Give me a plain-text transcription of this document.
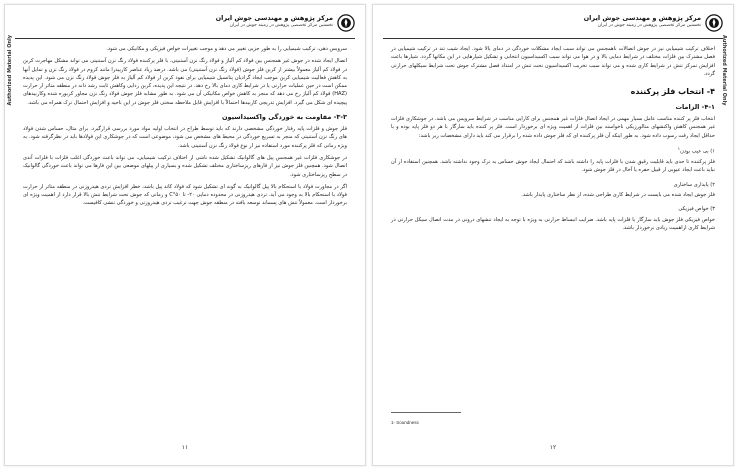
مرکز پژوهش و مهندسی جوش ایران
نخستین مرکز تخصصی پژوهش در زمینه جوش در ایران
Authorized Material Only	سرویس دهی، ترکیب شیمیایی را به طور جزیی تغییر می دهد و موجب تغییرات خواص فیزیکی و مکانیکی می شود.

اتصال ایجاد شده در جوش غیر همجنس بین فولاد کم آلیاژ و فولاد زنگ نزن آستنیتی، با فلز پرکننده فولاد زنگ نزن آستنیتی می تواند مشکل مهاجرت کربن در فولاد کم آلیاژ معمولاً بیشتر از کربن فلز جوش (فولاد زنگ نزن آستنیتی) می باشد. درصد زیاد عناصر کاربیدزا مانند کروم در فولاد زنگ نزن و تمایل آنها به کاهش فعالیت شیمیایی کربن موجب ایجاد گرادیان پتانسیل شیمیایی برای نفوذ کربن از فولاد کم آلیاژ به فلز جوش فولاد زنگ نزن می شود. این پدیده ممکن است در حین عملیات حرارتی یا در شرایط کاری دمای بالا رخ دهد. در نتیجه این پدیده، کربن زدایی وکاهش ثابت رشد دانه در منطقه متاثر از حرارت (HAZ) فولاد کم آلیاژ رخ می دهد که منجر به کاهش خواص مکانیکی آن می شود. به طور مشابه فلز جوش فولاد زنگ نزن مجاور کربوره شده وکاربیدهای پیچیده ای شکل می گیرد. افزایش تدریجی کاربیدها احتمالاً با افزایش قابل ملاحظه سختی فلز جوش در این ناحیه و افزایش احتمال ترک همراه می باشد.

۳-۳- مقاومت به خوردگی واکسیداسیون

فلز جوش و فلزات پایه رفتار خوردگی مشخصی دارند که باید توسط طراح در انتخاب اولیه مواد مورد بررسی قرارگیرد. برای مثال، حساس شدن فولاد های زنگ نزن آستنیتی که منجر به تسریع خوردگی در محیط های مشخص می شود، موضوعی است که در جوشکاری این فولادها باید در نظرگرفته شود. به ویژه زمانی که فلز پرکننده مورد استفاده نیز از نوع فولاد زنگ نزن آستنیتی باشد.

در جوشکاری فلزات غیر همجنس پیل های گالوانیک تشکیل شده ناشی از اختلاف ترکیب شیمیایی، می تواند باعث خوردگی اغلب فلزات با فلزات آندی اتصال شود. همچنین فلز جوش نیز از فازهای ریزساختاری مختلف تشکیل شده و بسیاری از پیلهای موضعی بین این فازها می تواند باعث خوردگی گالوانیک در سطح ریزساختاری شود.

اگر در مجاورت فولاد با استحکام بالا پیل گالوانیک به گونه ای تشکیل شود که فولاد کاتد پیل باشد، خطر افزایش تردی هیدروژنی در منطقه متاثر از حرارت فولاد با استحکام بالا به وجود می آید. تردی هیدروژنی در محدوده دمایی ۲۰- تا ۵۰°C و زمانی که جوش تحت شرایط تنش بالا قرار دارد از اهمیت ویژه ای برخوردار است. معمولاً تنش های پسماند توسعه یافته در منطقه جوش جهت ترغیب تردی هیدروژنی و خوردگی تنشی کافیست.

۱۱
مرکز پژوهش و مهندسی جوش ایران
نخستین مرکز تخصصی پژوهش در زمینه جوش در ایران
Authorized Material Only

اختلاف ترکیب شیمیایی نیز در جوش اتصالات ناهمجنس می تواند سبب ایجاد مشکلات خوردگی در دمای بالا شود. ایجاد شیب تند در ترکیب شیمیایی در فصل مشترک بین فلزات مختلف در شرایط دمایی بالا و در هوا می تواند سبب اکسیداسیون انتخابی و تشکیل شیارهایی در این مکانها گردد. شیارها باعث افزایش تمرکز تنش در شرایط کاری شده و می تواند سبب تخریب اکسیداسیون تحت تنش در امتداد فصل مشترک جوش تحت شرایط سیکلهای حرارتی گردد.

۴- انتخاب فلز پرکننده
۴-۱- الزامات

انتخاب فلز پر کننده مناسب عامل بسیار مهمی در ایجاد اتصال فلزات غیر همجنس برای کارایی مناسب در شرایط سرویس می باشد. در جوشکاری فلزات غیر همجنس کاهش واکنشهای متالورژیکی ناخواسته بین فلزات از اهمیت ویژه ای برخوردار است. فلز پر کننده باید سازگار با هر دو فلز پایه بوده و با حداقل ایجاد رقت رسوب داده شود. به طور اینکه آن فلز پرکننده ای که فلز جوش داده شده را برقرار می کند باید دارای مشخصات زیر باشد:

۱) بی عیب بودن$^۱$

فلز پرکننده تا حدی باید قابلیت رقیق شدن با فلزات پایه را داشته باشد که احتمال ایجاد جوش حساس به ترک وجود نداشته باشد. همچنین استفاده از آن نباید باعث ایجاد عیوبی از قبیل حفره یا آخال در فلز جوش شود.

۲) پایداری ساختاری

فلز جوش ایجاد شده می بایست در شرایط کاری طراحی شده، از نظر ساختاری پایدار باشد.

۳) خواص فیزیکی

خواص فیزیکی فلز جوش باید سازگار با فلزات پایه باشد. ضرایب انبساط حرارتی به ویژه با توجه به ایجاد تنشهای درونی در مدت اتصال سیکل حرارتی در شرایط کاری ازاهمیت زیادی برخوردار باشد.

1- Soundness
۱۲
